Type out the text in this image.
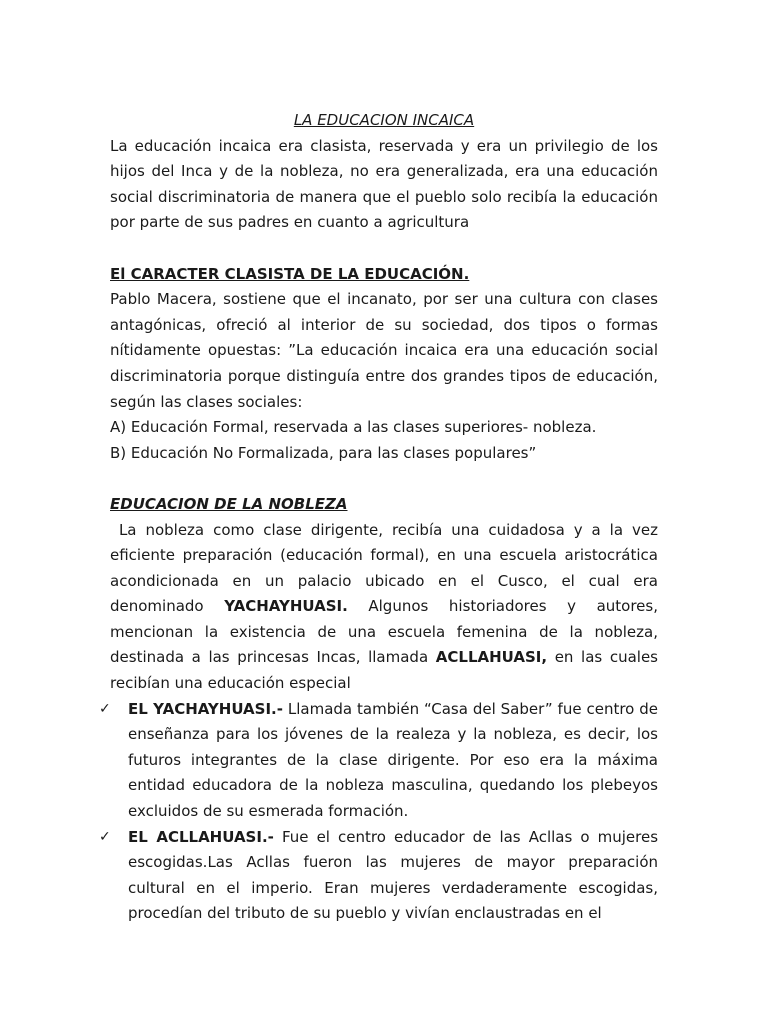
LA EDUCACION INCAICA

La educación incaica era clasista, reservada y era un privilegio de los hijos del Inca y de la nobleza, no era generalizada, era una educación social discriminatoria de manera que el pueblo solo recibía la educación por parte de sus padres en cuanto a agricultura

El CARACTER CLASISTA DE LA EDUCACIÓN.

Pablo Macera, sostiene que el incanato, por ser una cultura con clases antagónicas, ofreció al interior de su sociedad, dos tipos o formas nítidamente opuestas: ”La educación incaica era una educación social discriminatoria porque distinguía entre dos grandes tipos de educación, según las clases sociales:

A) Educación Formal, reservada a las clases superiores- nobleza.

B) Educación No Formalizada, para las clases populares”

EDUCACION DE LA NOBLEZA

La nobleza como clase dirigente, recibía una cuidadosa y a la vez eficiente preparación (educación formal), en una escuela aristocrática acondicionada en un palacio ubicado en el Cusco, el cual era denominado YACHAYHUASI. Algunos historiadores y autores, mencionan la existencia de una escuela femenina de la nobleza, destinada a las princesas Incas, llamada ACLLAHUASI, en las cuales recibían una educación especial

✓ EL YACHAYHUASI.- Llamada también “Casa del Saber” fue centro de enseñanza para los jóvenes de la realeza y la nobleza, es decir, los futuros integrantes de la clase dirigente. Por eso era la máxima entidad educadora de la nobleza masculina, quedando los plebeyos excluidos de su esmerada formación.
✓ EL ACLLAHUASI.- Fue el centro educador de las Acllas o mujeres escogidas.Las Acllas fueron las mujeres de mayor preparación cultural en el imperio. Eran mujeres verdaderamente escogidas, procedían del tributo de su pueblo y vivían enclaustradas en el
